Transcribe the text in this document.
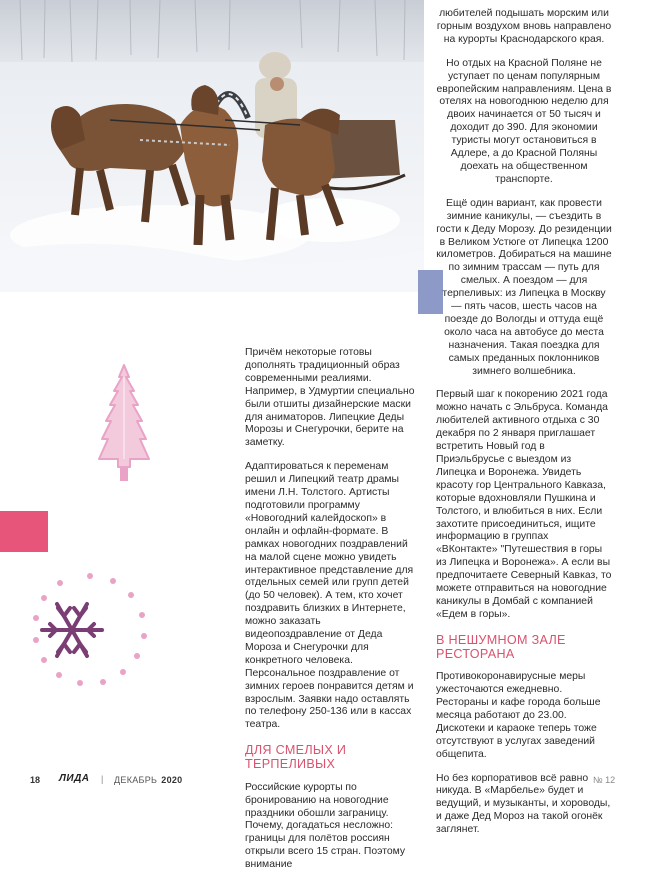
любителей подышать морским или горным воздухом вновь направлено на курорты Краснодарского края.

Но отдых на Красной Поляне не уступает по ценам популярным европейским направлениям. Цена в отелях на новогоднюю неделю для двоих начинается от 50 тысяч и доходит до 390. Для экономии туристы могут остановиться в Адлере, а до Красной Поляны доехать на общественном транспорте.

Ещё один вариант, как провести зимние каникулы, — съездить в гости к Деду Морозу. До резиденции в Великом Устюге от Липецка 1200 километров. Добираться на машине по зимним трассам — путь для смелых. А поездом — для терпеливых: из Липецка в Москву — пять часов, шесть часов на поезде до Вологды и оттуда ещё около часа на автобусе до места назначения. Такая поездка для самых преданных поклонников зимнего волшебника.

Первый шаг к покорению 2021 года можно начать с Эльбруса. Команда любителей активного отдыха с 30 декабря по 2 января приглашает встретить Новый год в Приэльбрусье с выездом из Липецка и Воронежа. Увидеть красоту гор Центрального Кавказа, которые вдохновляли Пушкина и Толстого, и влюбиться в них. Если захотите присоединиться, ищите информацию в группах «ВКонтакте» "Путешествия в горы из Липецка и Воронежа». А если вы предпочитаете Северный Кавказ, то можете отправиться на новогодние каникулы в Домбай с компанией «Едем в горы».

В НЕШУМНОМ ЗАЛЕ РЕСТОРАНА

Противокоронавирусные меры ужесточаются ежедневно. Рестораны и кафе города больше месяца работают до 23.00. Дискотеки и караоке теперь тоже отсутствуют в услугах заведений общепита.

Но без корпоративов всё равно никуда. В «Марбелье» будет и ведущий, и музыканты, и хороводы, и даже Дед Мороз на такой огонёк заглянет.

Причём некоторые готовы дополнять традиционный образ современными реалиями. Например, в Удмуртии специально были отшиты дизайнерские маски для аниматоров. Липецкие Деды Морозы и Снегурочки, берите на заметку.

Адаптироваться к переменам решил и Липецкий театр драмы имени Л.Н. Толстого. Артисты подготовили программу «Новогодний калейдоскоп» в онлайн и офлайн-формате. В рамках новогодних поздравлений на малой сцене можно увидеть интерактивное представление для отдельных семей или групп детей (до 50 человек). А тем, кто хочет поздравить близких в Интернете, можно заказать видеопоздравление от Деда Мороза и Снегурочки для конкретного человека. Персональное поздравление от зимних героев понравится детям и взрослым. Заявки надо оставлять по телефону 250-136 или в кассах театра.

ДЛЯ СМЕЛЫХ И ТЕРПЕЛИВЫХ

Российские курорты по бронированию на новогодние праздники обошли заграницу. Почему, догадаться несложно: границы для полётов россиян открыли всего 15 стран. Поэтому внимание

18 ЛИДА | ДЕКАБРЬ 2020	№ 12
